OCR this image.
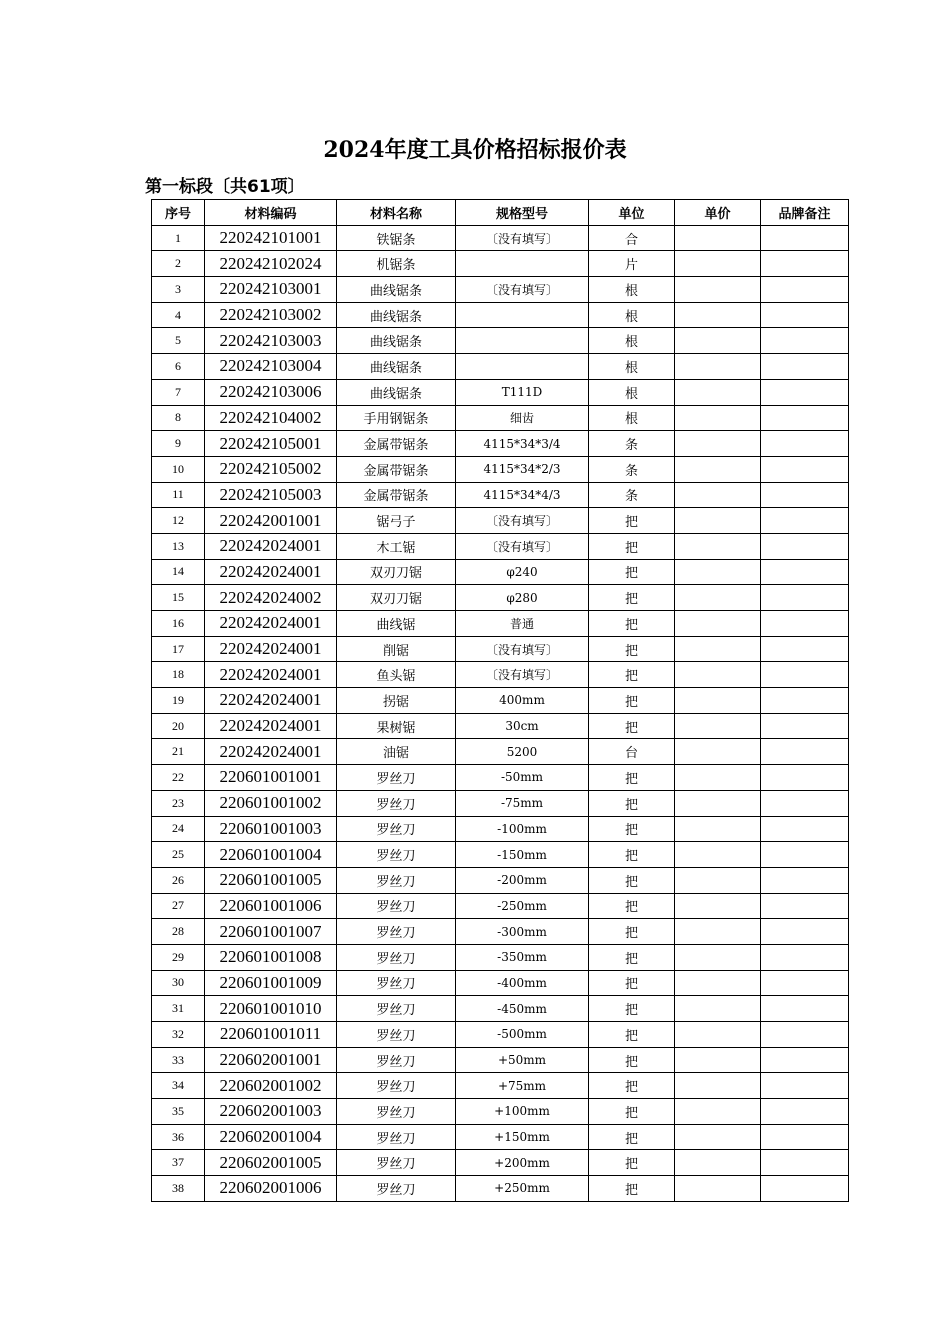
2024年度工具价格招标报价表
第一标段〔共61项〕
序号	材料编码	材料名称	规格型号	单位	单价	品牌备注
1	220242101001	铁锯条	〔没有填写〕	合		
2	220242102024	机锯条		片		
3	220242103001	曲线锯条	〔没有填写〕	根		
4	220242103002	曲线锯条		根		
5	220242103003	曲线锯条		根		
6	220242103004	曲线锯条		根		
7	220242103006	曲线锯条	T111D	根		
8	220242104002	手用钢锯条	细齿	根		
9	220242105001	金属带锯条	4115*34*3/4	条		
10	220242105002	金属带锯条	4115*34*2/3	条		
11	220242105003	金属带锯条	4115*34*4/3	条		
12	220242001001	锯弓子	〔没有填写〕	把		
13	220242024001	木工锯	〔没有填写〕	把		
14	220242024001	双刃刀锯	φ240	把		
15	220242024002	双刃刀锯	φ280	把		
16	220242024001	曲线锯	普通	把		
17	220242024001	削锯	〔没有填写〕	把		
18	220242024001	鱼头锯	〔没有填写〕	把		
19	220242024001	拐锯	400mm	把		
20	220242024001	果树锯	30cm	把		
21	220242024001	油锯	5200	台		
22	220601001001	罗丝刀	-50mm	把		
23	220601001002	罗丝刀	-75mm	把		
24	220601001003	罗丝刀	-100mm	把		
25	220601001004	罗丝刀	-150mm	把		
26	220601001005	罗丝刀	-200mm	把		
27	220601001006	罗丝刀	-250mm	把		
28	220601001007	罗丝刀	-300mm	把		
29	220601001008	罗丝刀	-350mm	把		
30	220601001009	罗丝刀	-400mm	把		
31	220601001010	罗丝刀	-450mm	把		
32	220601001011	罗丝刀	-500mm	把		
33	220602001001	罗丝刀	+50mm	把		
34	220602001002	罗丝刀	+75mm	把		
35	220602001003	罗丝刀	+100mm	把		
36	220602001004	罗丝刀	+150mm	把		
37	220602001005	罗丝刀	+200mm	把		
38	220602001006	罗丝刀	+250mm	把		
